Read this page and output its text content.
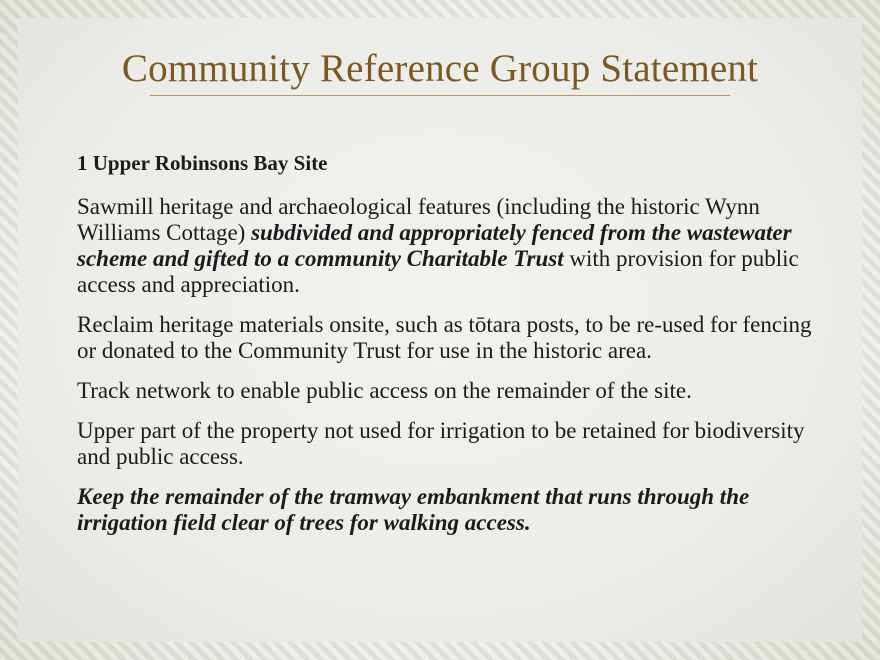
Community Reference Group Statement
1 Upper Robinsons Bay Site

Sawmill heritage and archaeological features (including the historic Wynn Williams Cottage) subdivided and appropriately fenced from the wastewater scheme and gifted to a community Charitable Trust with provision for public access and appreciation.

Reclaim heritage materials onsite, such as tōtara posts, to be re-used for fencing or donated to the Community Trust for use in the historic area.

Track network to enable public access on the remainder of the site.

Upper part of the property not used for irrigation to be retained for biodiversity and public access.

Keep the remainder of the tramway embankment that runs through the irrigation field clear of trees for walking access.
